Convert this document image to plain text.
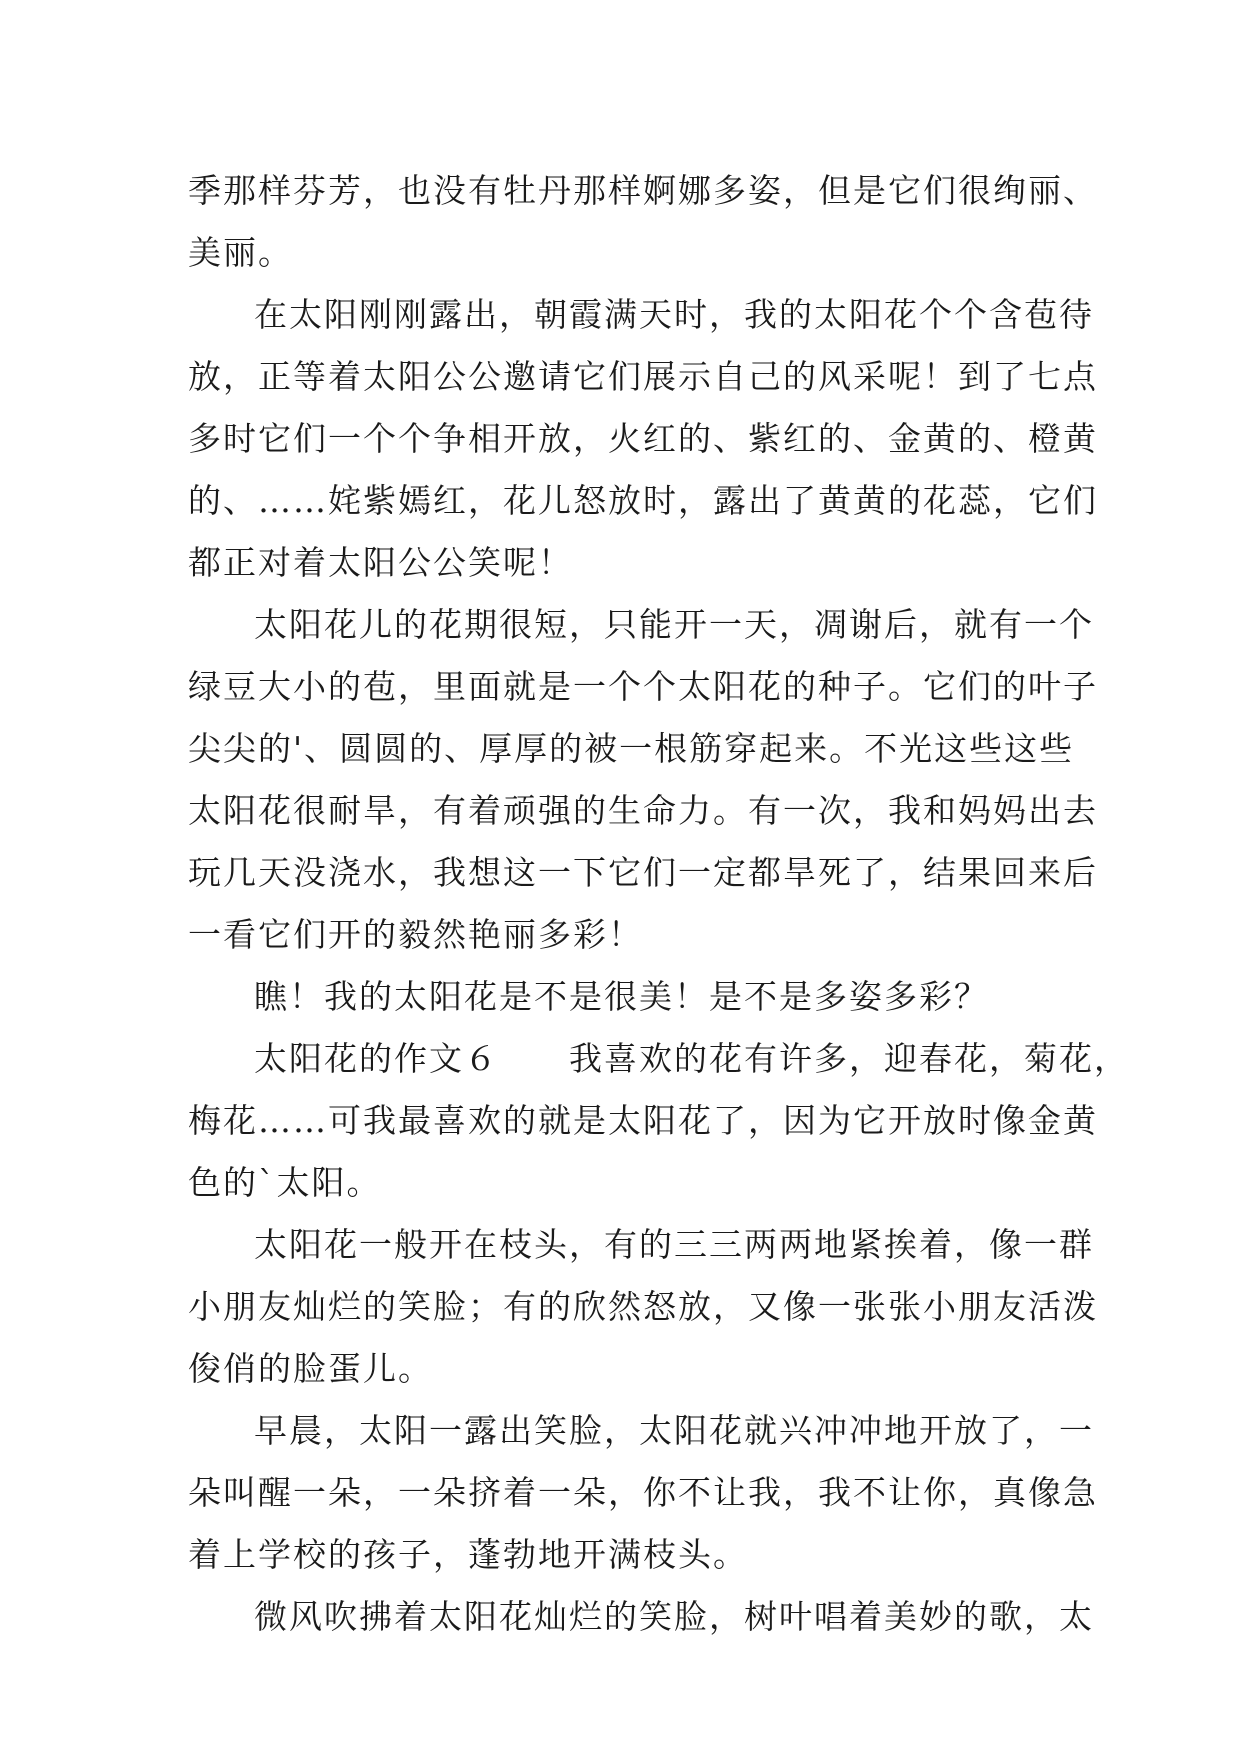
季那样芬芳，也没有牡丹那样婀娜多姿，但是它们很绚丽、
美丽。

在太阳刚刚露出，朝霞满天时，我的太阳花个个含苞待
放，正等着太阳公公邀请它们展示自己的风采呢！到了七点
多时它们一个个争相开放，火红的、紫红的、金黄的、橙黄
的、……姹紫嫣红，花儿怒放时，露出了黄黄的花蕊，它们
都正对着太阳公公笑呢！

太阳花儿的花期很短，只能开一天，凋谢后，就有一个
绿豆大小的苞，里面就是一个个太阳花的种子。它们的叶子
尖尖的'、圆圆的、厚厚的被一根筋穿起来。不光这些这些
太阳花很耐旱，有着顽强的生命力。有一次，我和妈妈出去
玩几天没浇水，我想这一下它们一定都旱死了，结果回来后
一看它们开的毅然艳丽多彩！

瞧！我的太阳花是不是很美！是不是多姿多彩？

太阳花的作文６　　我喜欢的花有许多，迎春花，菊花，
梅花……可我最喜欢的就是太阳花了，因为它开放时像金黄
色的`太阳。

太阳花一般开在枝头，有的三三两两地紧挨着，像一群
小朋友灿烂的笑脸；有的欣然怒放，又像一张张小朋友活泼
俊俏的脸蛋儿。

早晨，太阳一露出笑脸，太阳花就兴冲冲地开放了，一
朵叫醒一朵，一朵挤着一朵，你不让我，我不让你，真像急
着上学校的孩子，蓬勃地开满枝头。

微风吹拂着太阳花灿烂的笑脸，树叶唱着美妙的歌，太
